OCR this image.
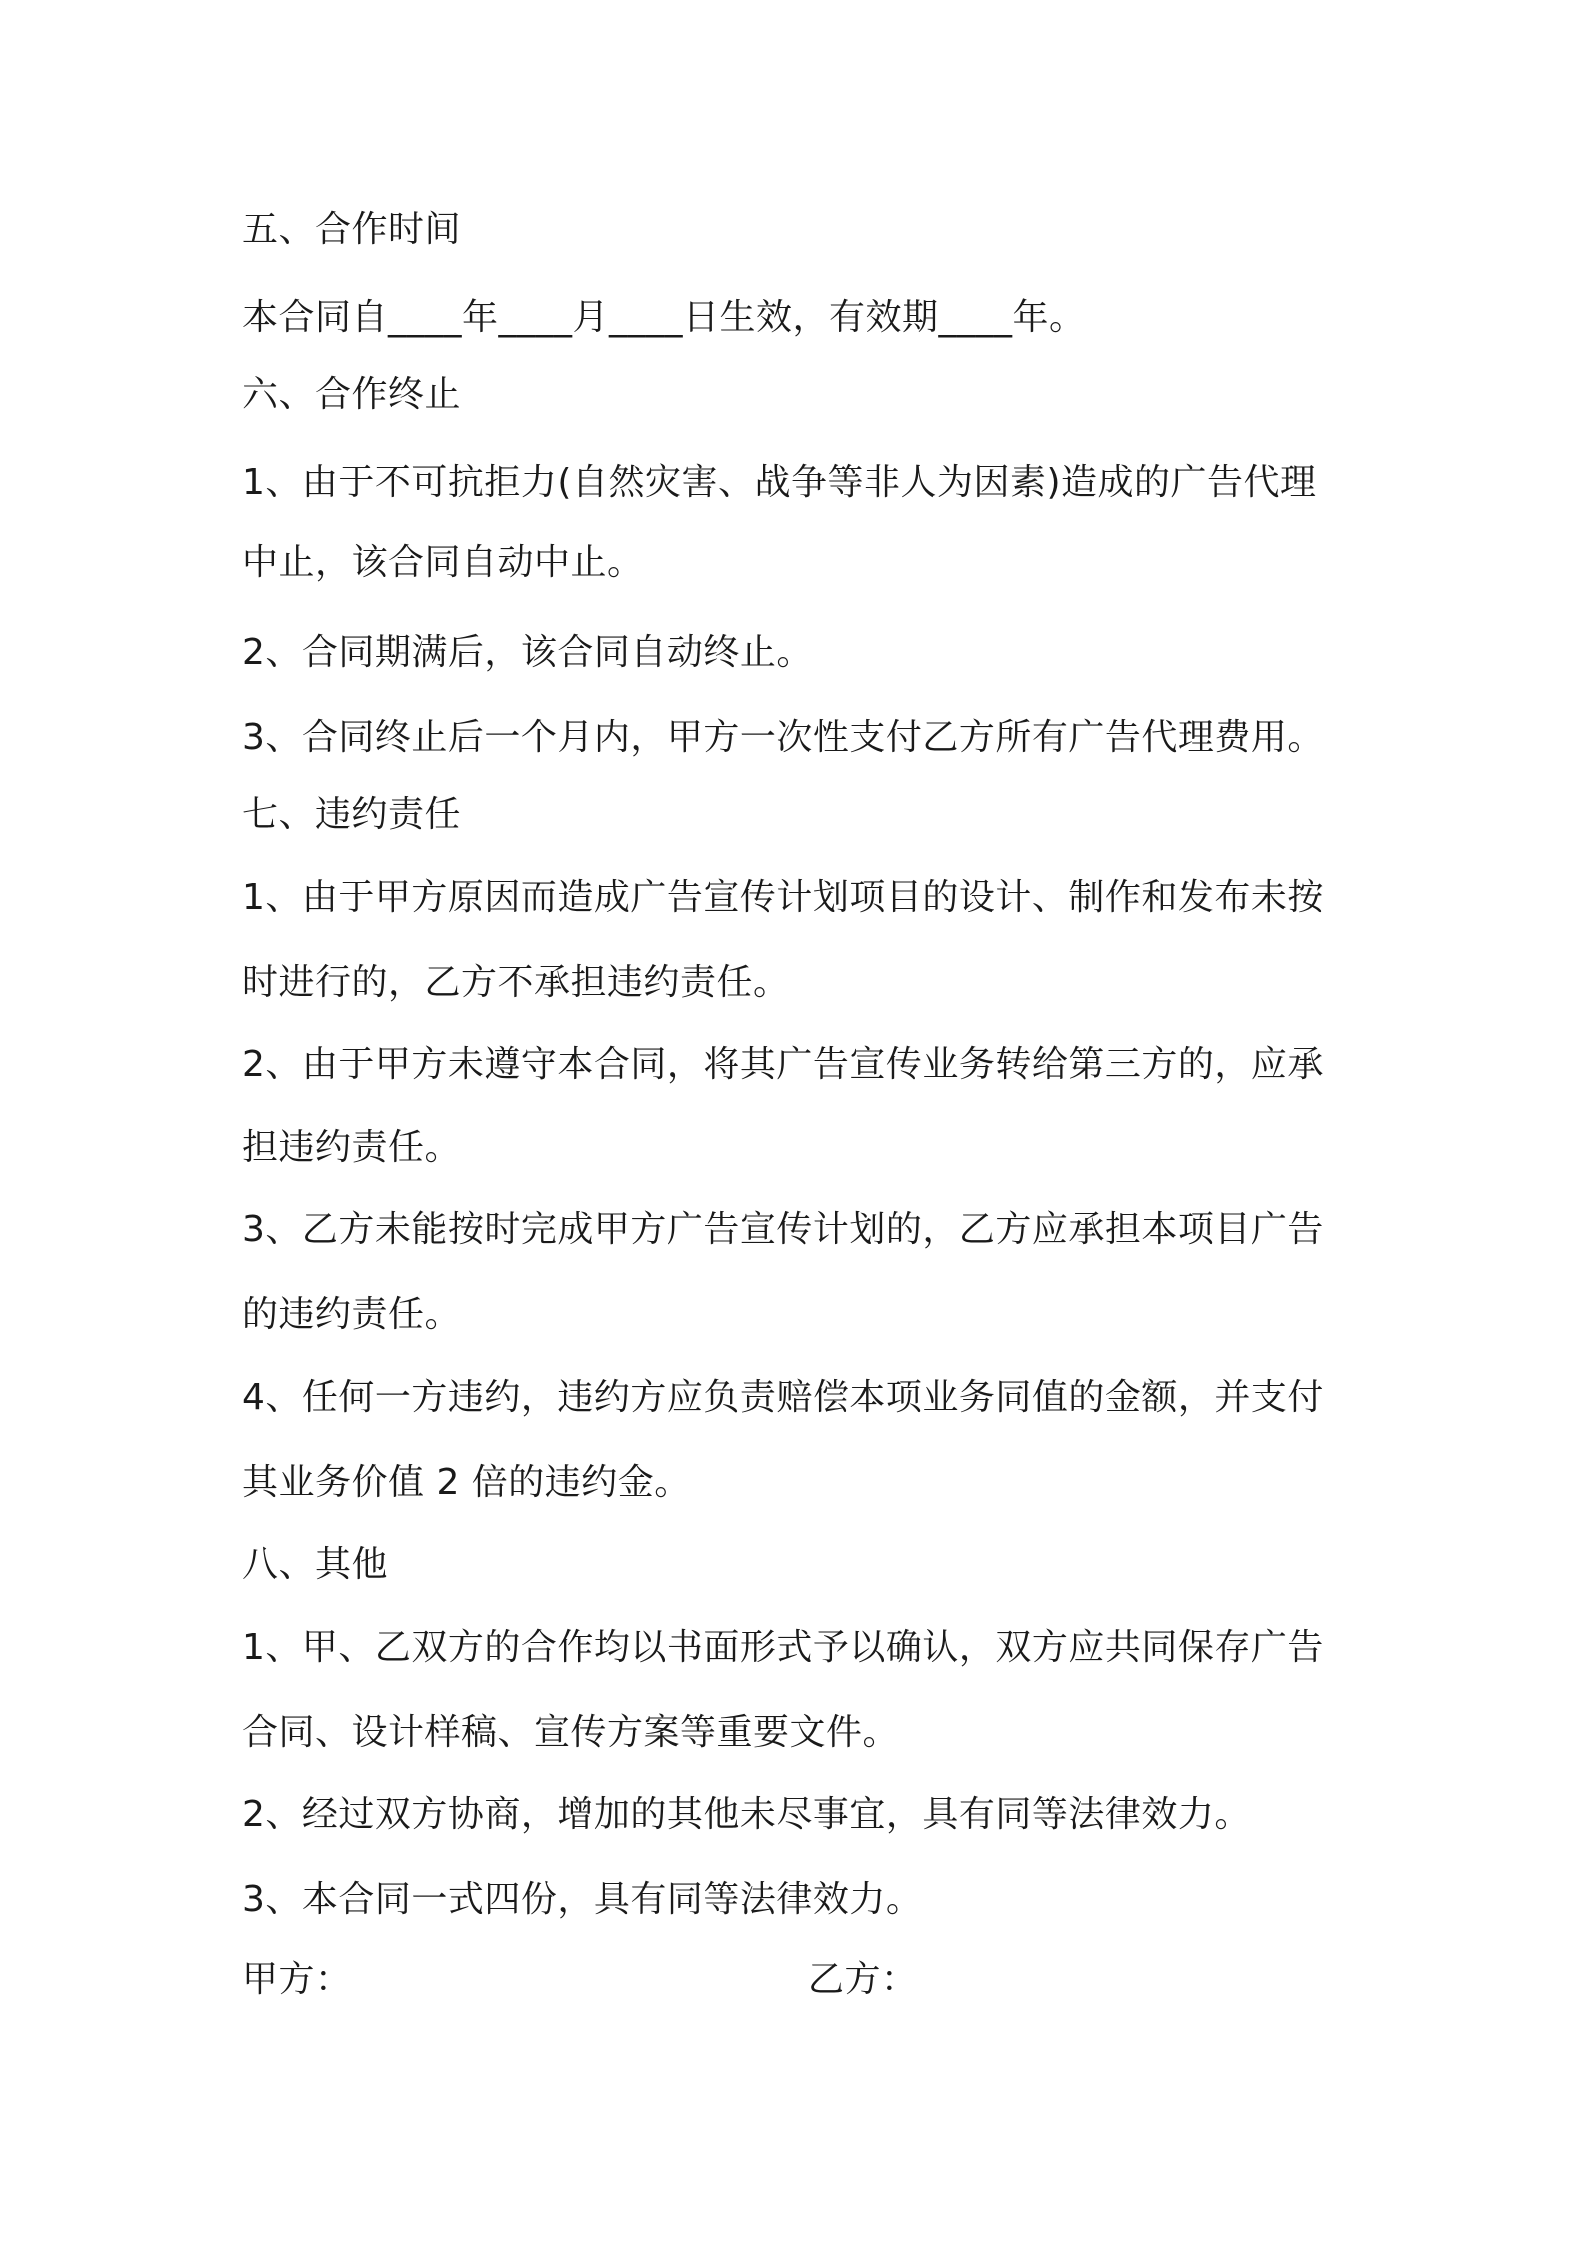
五、合作时间
本合同自____年____月____日生效，有效期____年。
六、合作终止
1、由于不可抗拒力(自然灾害、战争等非人为因素)造成的广告代理
中止，该合同自动中止。
2、合同期满后，该合同自动终止。
3、合同终止后一个月内，甲方一次性支付乙方所有广告代理费用。
七、违约责任
1、由于甲方原因而造成广告宣传计划项目的设计、制作和发布未按
时进行的，乙方不承担违约责任。
2、由于甲方未遵守本合同，将其广告宣传业务转给第三方的，应承
担违约责任。
3、乙方未能按时完成甲方广告宣传计划的，乙方应承担本项目广告
的违约责任。
4、任何一方违约，违约方应负责赔偿本项业务同值的金额，并支付
其业务价值 2 倍的违约金。
八、其他
1、甲、乙双方的合作均以书面形式予以确认，双方应共同保存广告
合同、设计样稿、宣传方案等重要文件。
2、经过双方协商，增加的其他未尽事宜，具有同等法律效力。
3、本合同一式四份，具有同等法律效力。
甲方：	乙方：
